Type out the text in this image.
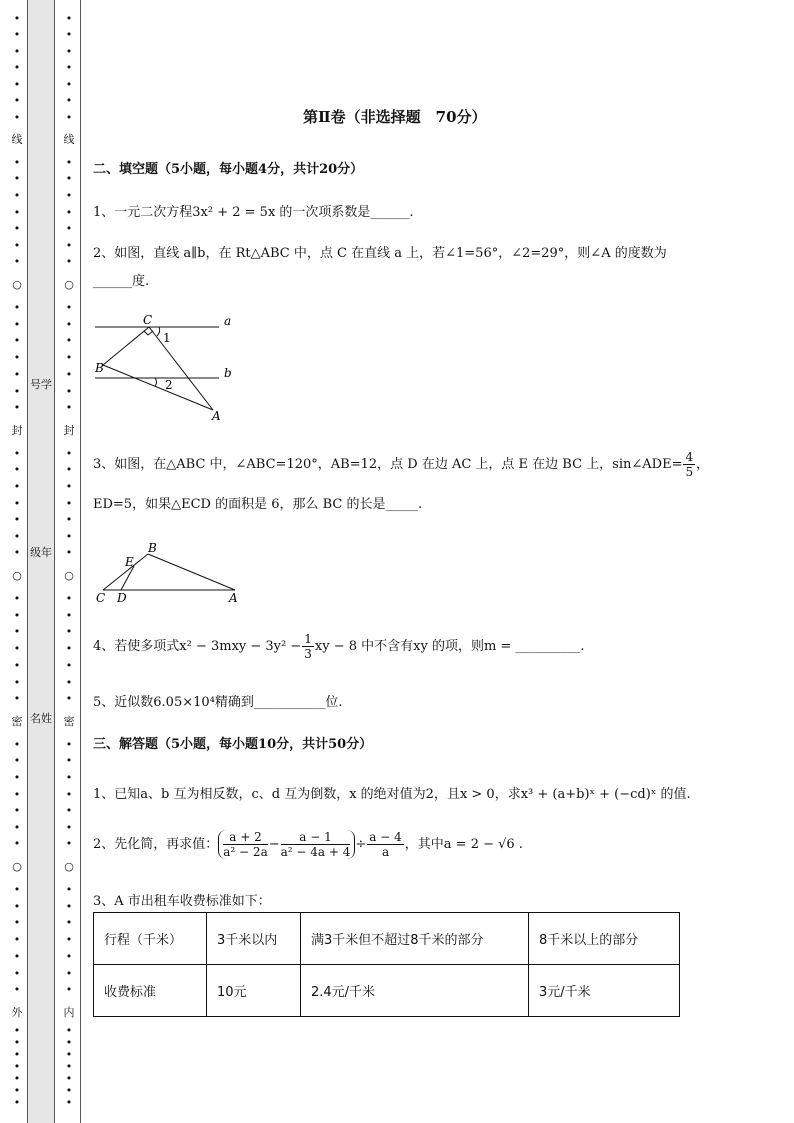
•
•
•
•
•
•
•
线
•
•
•
•
•
•
•
○
•
•
•
•
•
•
•
封
•
•
•
•
•
•
•
○
•
•
•
•
•
•
•
密
•
•
•
•
•
•
•
○
•
•
•
•
•
•
•
外
•
•
•
•
•
•
•
•
•
•
•
•
•
•
线
•
•
•
•
•
•
•
○
•
•
•
•
•
•
•
封
•
•
•
•
•
•
•
○
•
•
•
•
•
•
•
密
•
•
•
•
•
•
•
○
•
•
•
•
•
•
•
内
•
•
•
•
•
•
•
号学
级年
名姓
第Ⅱ卷（非选择题　70分）
二、填空题（5小题，每小题4分，共计20分）
1、一元二次方程3x² + 2 = 5x 的一次项系数是______.
2、如图，直线 a∥b，在 Rt△ABC 中，点 C 在直线 a 上，若∠1=56°，∠2=29°，则∠A 的度数为
______度.
C
B
A
a
b
1
2
3、如图，在△ABC 中，∠ABC=120°，AB=12，点 D 在边 AC 上，点 E 在边 BC 上，sin∠ADE= $\frac{4}{5}$ ，
ED=5，如果△ECD 的面积是 6，那么 BC 的长是_____.
B
E
C D	A
4、若使多项式$x^2 - 3mxy - 3y^2 - \frac{1}{3}$ xy − 8 中不含有xy 的项，则m = __________.
5、近似数6.05×10⁴精确到___________位.
三、解答题（5小题，每小题10分，共计50分）
1、已知a、b 互为相反数，c、d 互为倒数，x 的绝对值为2，且x > 0，求x³ + (a+b)ˣ + (−cd)ˣ 的值.
2、先化简，再求值： $\frac{a + 2}{\text{a² − 2a}} - \frac{a - 1}{\text{a² − 4a + 4}} \div \frac{a - 4}{a}$ ，其中a = 2 − √6 .
3、A 市出租车收费标准如下：
行程（千米）	3千米以内	满3千米但不超过8千米的部分	8千米以上的部分
收费标准	10元	2.4元/千米	3元/千米
